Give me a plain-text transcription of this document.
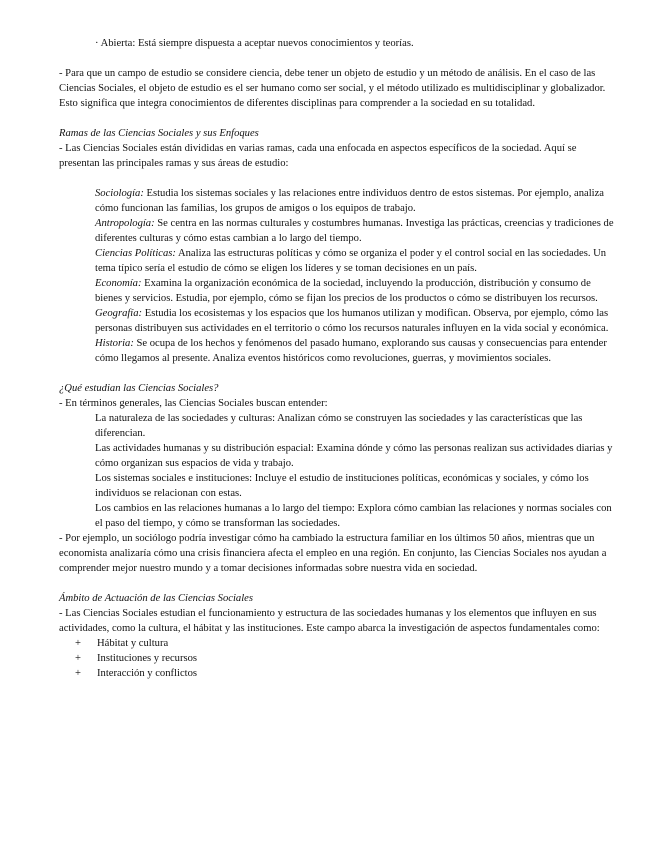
· Abierta: Está siempre dispuesta a aceptar nuevos conocimientos y teorías.

- Para que un campo de estudio se considere ciencia, debe tener un objeto de estudio y un método de análisis. En el caso de las Ciencias Sociales, el objeto de estudio es el ser humano como ser social, y el método utilizado es multidisciplinar y globalizador. Esto significa que integra conocimientos de diferentes disciplinas para comprender a la sociedad en su totalidad.

Ramas de las Ciencias Sociales y sus Enfoques

- Las Ciencias Sociales están divididas en varias ramas, cada una enfocada en aspectos específicos de la sociedad. Aquí se presentan las principales ramas y sus áreas de estudio:

Sociología: Estudia los sistemas sociales y las relaciones entre individuos dentro de estos sistemas. Por ejemplo, analiza cómo funcionan las familias, los grupos de amigos o los equipos de trabajo.

Antropología: Se centra en las normas culturales y costumbres humanas. Investiga las prácticas, creencias y tradiciones de diferentes culturas y cómo estas cambian a lo largo del tiempo.

Ciencias Políticas: Analiza las estructuras políticas y cómo se organiza el poder y el control social en las sociedades. Un tema típico sería el estudio de cómo se eligen los líderes y se toman decisiones en un país.

Economía: Examina la organización económica de la sociedad, incluyendo la producción, distribución y consumo de bienes y servicios. Estudia, por ejemplo, cómo se fijan los precios de los productos o cómo se distribuyen los recursos.

Geografía: Estudia los ecosistemas y los espacios que los humanos utilizan y modifican. Observa, por ejemplo, cómo las personas distribuyen sus actividades en el territorio o cómo los recursos naturales influyen en la vida social y económica.

Historia: Se ocupa de los hechos y fenómenos del pasado humano, explorando sus causas y consecuencias para entender cómo llegamos al presente. Analiza eventos históricos como revoluciones, guerras, y movimientos sociales.

¿Qué estudian las Ciencias Sociales?

- En términos generales, las Ciencias Sociales buscan entender:

La naturaleza de las sociedades y culturas: Analizan cómo se construyen las sociedades y las características que las diferencian.

Las actividades humanas y su distribución espacial: Examina dónde y cómo las personas realizan sus actividades diarias y cómo organizan sus espacios de vida y trabajo.

Los sistemas sociales e instituciones: Incluye el estudio de instituciones políticas, económicas y sociales, y cómo los individuos se relacionan con estas.

Los cambios en las relaciones humanas a lo largo del tiempo: Explora cómo cambian las relaciones y normas sociales con el paso del tiempo, y cómo se transforman las sociedades.

- Por ejemplo, un sociólogo podría investigar cómo ha cambiado la estructura familiar en los últimos 50 años, mientras que un economista analizaría cómo una crisis financiera afecta el empleo en una región. En conjunto, las Ciencias Sociales nos ayudan a comprender mejor nuestro mundo y a tomar decisiones informadas sobre nuestra vida en sociedad.

Ámbito de Actuación de las Ciencias Sociales

- Las Ciencias Sociales estudian el funcionamiento y estructura de las sociedades humanas y los elementos que influyen en sus actividades, como la cultura, el hábitat y las instituciones. Este campo abarca la investigación de aspectos fundamentales como:

+	Hábitat y cultura
+	Instituciones y recursos
+	Interacción y conflictos
